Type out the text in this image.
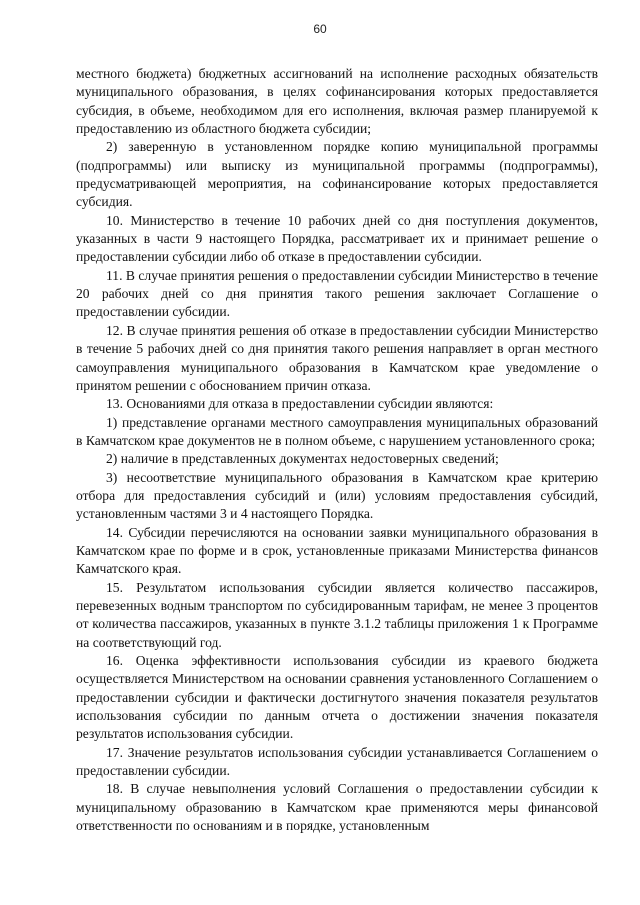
60

местного бюджета) бюджетных ассигнований на исполнение расходных обязательств муниципального образования, в целях софинансирования которых предоставляется субсидия, в объеме, необходимом для его исполнения, включая размер планируемой к предоставлению из областного бюджета субсидии;

2) заверенную в установленном порядке копию муниципальной программы (подпрограммы) или выписку из муниципальной программы (подпрограммы), предусматривающей мероприятия, на софинансирование которых предоставляется субсидия.

10. Министерство в течение 10 рабочих дней со дня поступления документов, указанных в части 9 настоящего Порядка, рассматривает их и принимает решение о предоставлении субсидии либо об отказе в предоставлении субсидии.

11. В случае принятия решения о предоставлении субсидии Министерство в течение 20 рабочих дней со дня принятия такого решения заключает Соглашение о предоставлении субсидии.

12. В случае принятия решения об отказе в предоставлении субсидии Министерство в течение 5 рабочих дней со дня принятия такого решения направляет в орган местного самоуправления муниципального образования в Камчатском крае уведомление о принятом решении с обоснованием причин отказа.

13. Основаниями для отказа в предоставлении субсидии являются:

1) представление органами местного самоуправления муниципальных образований в Камчатском крае документов не в полном объеме, с нарушением установленного срока;

2) наличие в представленных документах недостоверных сведений;

3) несоответствие муниципального образования в Камчатском крае критерию отбора для предоставления субсидий и (или) условиям предоставления субсидий, установленным частями 3 и 4 настоящего Порядка.

14. Субсидии перечисляются на основании заявки муниципального образования в Камчатском крае по форме и в срок, установленные приказами Министерства финансов Камчатского края.

15. Результатом использования субсидии является количество пассажиров, перевезенных водным транспортом по субсидированным тарифам, не менее 3 процентов от количества пассажиров, указанных в пункте 3.1.2 таблицы приложения 1 к Программе на соответствующий год.

16. Оценка эффективности использования субсидии из краевого бюджета осуществляется Министерством на основании сравнения установленного Соглашением о предоставлении субсидии и фактически достигнутого значения показателя результатов использования субсидии по данным отчета о достижении значения показателя результатов использования субсидии.

17. Значение результатов использования субсидии устанавливается Соглашением о предоставлении субсидии.

18. В случае невыполнения условий Соглашения о предоставлении субсидии к муниципальному образованию в Камчатском крае применяются меры финансовой ответственности по основаниям и в порядке, установленным
